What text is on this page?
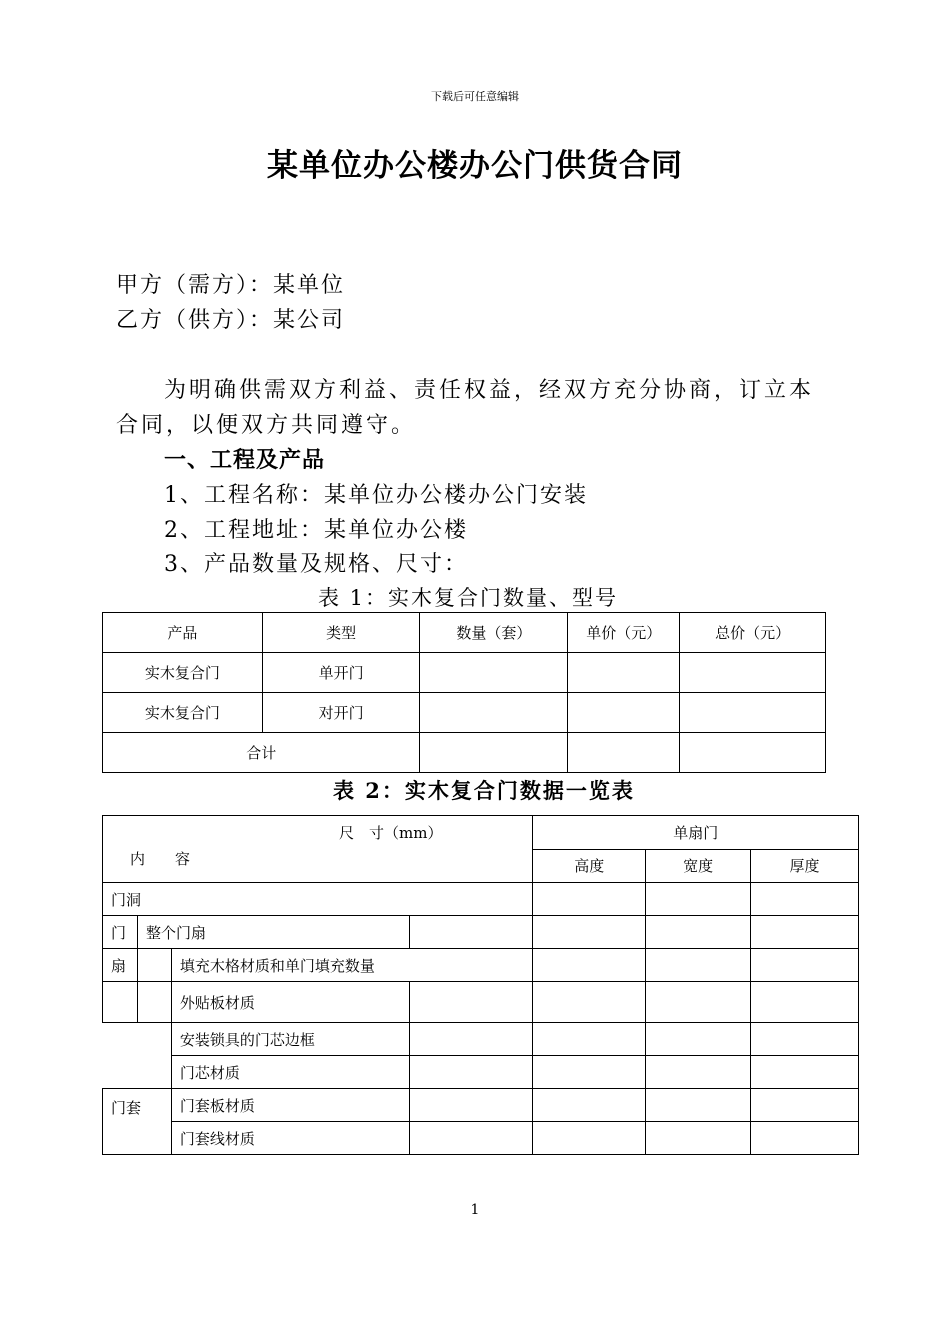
下载后可任意编辑
某单位办公楼办公门供货合同
甲方（需方）：某单位
乙方（供方）：某公司
为明确供需双方利益、责任权益，经双方充分协商，订立本
合同，以便双方共同遵守。
一、工程及产品
1、工程名称：某单位办公楼办公门安装
2、工程地址：某单位办公楼
3、产品数量及规格、尺寸：
表 1：实木复合门数量、型号
产品	类型	数量（套）	单价（元）	总价（元）
实木复合门	单开门			
实木复合门	对开门			
合计				
表 2：实木复合门数据一览表
尺　寸（mm）
内　　容				单扇门		
				高度	宽度	厚度
门洞						
门	整个门扇					
扇		填充木格材质和单门填充数量				
		外贴板材质				
		安装锁具的门芯边框				
		门芯材质				
门套		门套板材质				
		门套线材质				
1
